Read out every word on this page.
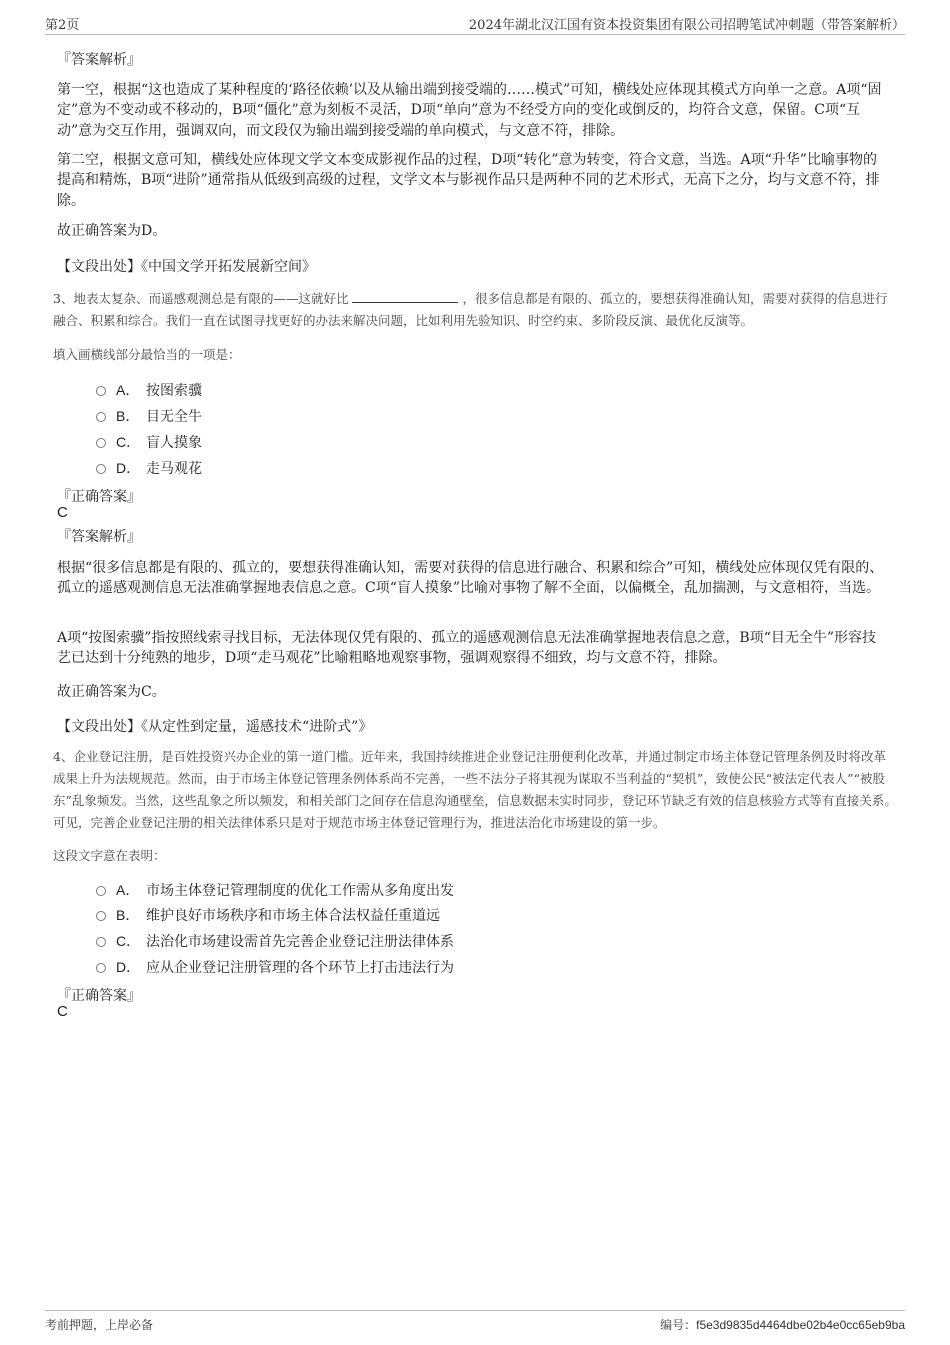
第2页	2024年湖北汉江国有资本投资集团有限公司招聘笔试冲刺题（带答案解析）
『答案解析』

第一空，根据“这也造成了某种程度的‘路径依赖’以及从输出端到接受端的……模式”可知，横线处应体现其模式方向单一之意。A项“固定”意为不变动或不移动的，B项“僵化”意为刻板不灵活，D项“单向”意为不经受方向的变化或倒反的，均符合文意，保留。C项“互动”意为交互作用，强调双向，而文段仅为输出端到接受端的单向模式，与文意不符，排除。

第二空，根据文意可知，横线处应体现文学文本变成影视作品的过程，D项“转化”意为转变，符合文意，当选。A项“升华”比喻事物的提高和精炼，B项“进阶”通常指从低级到高级的过程，文学文本与影视作品只是两种不同的艺术形式，无高下之分，均与文意不符，排除。

故正确答案为D。
【文段出处】《中国文学开拓发展新空间》

3、地表太复杂、而遥感观测总是有限的——这就好比	，很多信息都是有限的、孤立的，要想获得准确认知，需要对获得的信息进行融合、积累和综合。我们一直在试图寻找更好的办法来解决问题，比如利用先验知识、时空约束、多阶段反演、最优化反演等。

填入画横线部分最恰当的一项是：
A． 按图索骥
B． 目无全牛
C． 盲人摸象
D． 走马观花
『正确答案』
C
『答案解析』

根据“很多信息都是有限的、孤立的，要想获得准确认知，需要对获得的信息进行融合、积累和综合”可知，横线处应体现仅凭有限的、孤立的遥感观测信息无法准确掌握地表信息之意。C项“盲人摸象”比喻对事物了解不全面，以偏概全，乱加揣测，与文意相符，当选。

A项“按图索骥”指按照线索寻找目标，无法体现仅凭有限的、孤立的遥感观测信息无法准确掌握地表信息之意，B项“目无全牛”形容技艺已达到十分纯熟的地步，D项“走马观花”比喻粗略地观察事物，强调观察得不细致，均与文意不符，排除。

故正确答案为C。
【文段出处】《从定性到定量，遥感技术“进阶式”》

4、企业登记注册，是百姓投资兴办企业的第一道门槛。近年来，我国持续推进企业登记注册便利化改革，并通过制定市场主体登记管理条例及时将改革成果上升为法规规范。然而，由于市场主体登记管理条例体系尚不完善，一些不法分子将其视为谋取不当利益的“契机”，致使公民“被法定代表人”“被股东”乱象频发。当然，这些乱象之所以频发，和相关部门之间存在信息沟通壁垒，信息数据未实时同步，登记环节缺乏有效的信息核验方式等有直接关系。可见，完善企业登记注册的相关法律体系只是对于规范市场主体登记管理行为，推进法治化市场建设的第一步。

这段文字意在表明：
A． 市场主体登记管理制度的优化工作需从多角度出发
B． 维护良好市场秩序和市场主体合法权益任重道远
C． 法治化市场建设需首先完善企业登记注册法律体系
D． 应从企业登记注册管理的各个环节上打击违法行为
『正确答案』
C
考前押题，上岸必备	编号：f5e3d9835d4464dbe02b4e0cc65eb9ba
